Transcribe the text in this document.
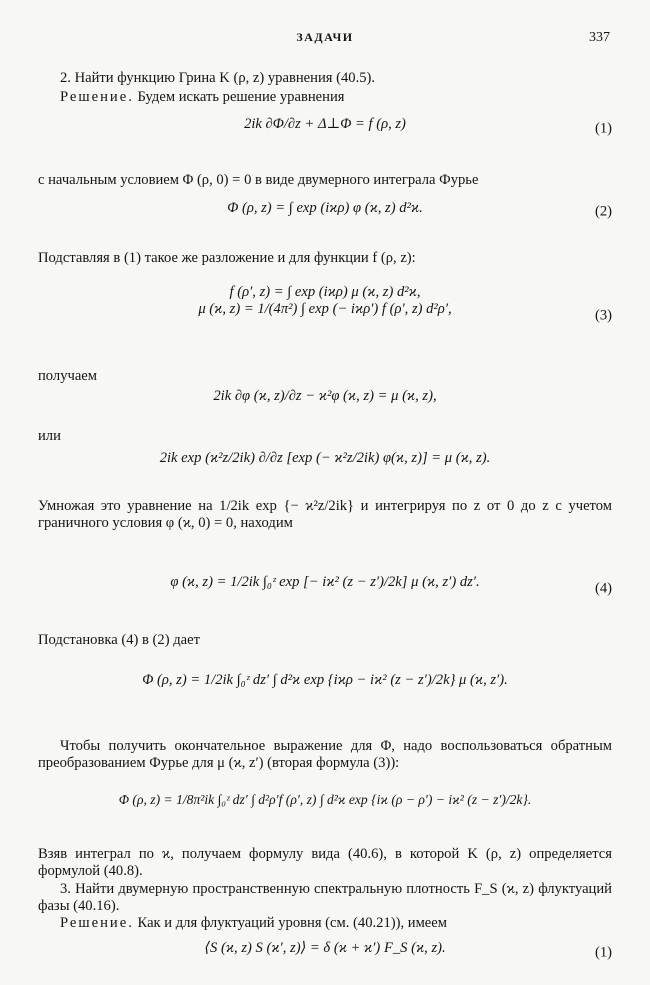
ЗАДАЧИ	337
2. Найти функцию Грина K (ρ, z) уравнения (40.5).
Решение. Будем искать решение уравнения
2ik ∂Φ/∂z + Δ⊥Φ = f (ρ, z)	(1)
с начальным условием Φ (ρ, 0) = 0 в виде двумерного интеграла Фурье
Φ (ρ, z) = ∫ exp (iϰρ) φ (ϰ, z) d²ϰ.	(2)
Подставляя в (1) такое же разложение и для функции f (ρ, z):
f (ρ′, z) = ∫ exp (iϰρ) μ (ϰ, z) d²ϰ,
μ (ϰ, z) = 1/(4π²) ∫ exp (− iϰρ′) f (ρ′, z) d²ρ′,	(3)
получаем
2ik ∂φ (ϰ, z)/∂z − ϰ²φ (ϰ, z) = μ (ϰ, z),
или
2ik exp (ϰ²z/2ik) ∂/∂z [exp (− ϰ²z/2ik) φ(ϰ, z)] = μ (ϰ, z).
Умножая это уравнение на 1/2ik exp {− ϰ²z/2ik} и интегрируя по z от 0 до z с учетом граничного условия φ (ϰ, 0) = 0, находим
φ (ϰ, z) = 1/2ik ∫₀ᶻ exp [− iϰ² (z − z′)/2k] μ (ϰ, z′) dz′.	(4)
Подстановка (4) в (2) дает
Φ (ρ, z) = 1/2ik ∫₀ᶻ dz′ ∫ d²ϰ exp {iϰρ − iϰ² (z − z′)/2k} μ (ϰ, z′).
Чтобы получить окончательное выражение для Φ, надо воспользоваться обратным преобразованием Фурье для μ (ϰ, z′) (вторая формула (3)):
Φ (ρ, z) = 1/8π²ik ∫₀ᶻ dz′ ∫ d²ρ′f (ρ′, z) ∫ d²ϰ exp {iϰ (ρ − ρ′) − iϰ² (z − z′)/2k}.
Взяв интеграл по ϰ, получаем формулу вида (40.6), в которой K (ρ, z) определяется формулой (40.8).
3. Найти двумерную пространственную спектральную плотность F_S (ϰ, z) флуктуаций фазы (40.16).
Решение. Как и для флуктуаций уровня (см. (40.21)), имеем
⟨S (ϰ, z) S (ϰ′, z)⟩ = δ (ϰ + ϰ′) F_S (ϰ, z).	(1)
